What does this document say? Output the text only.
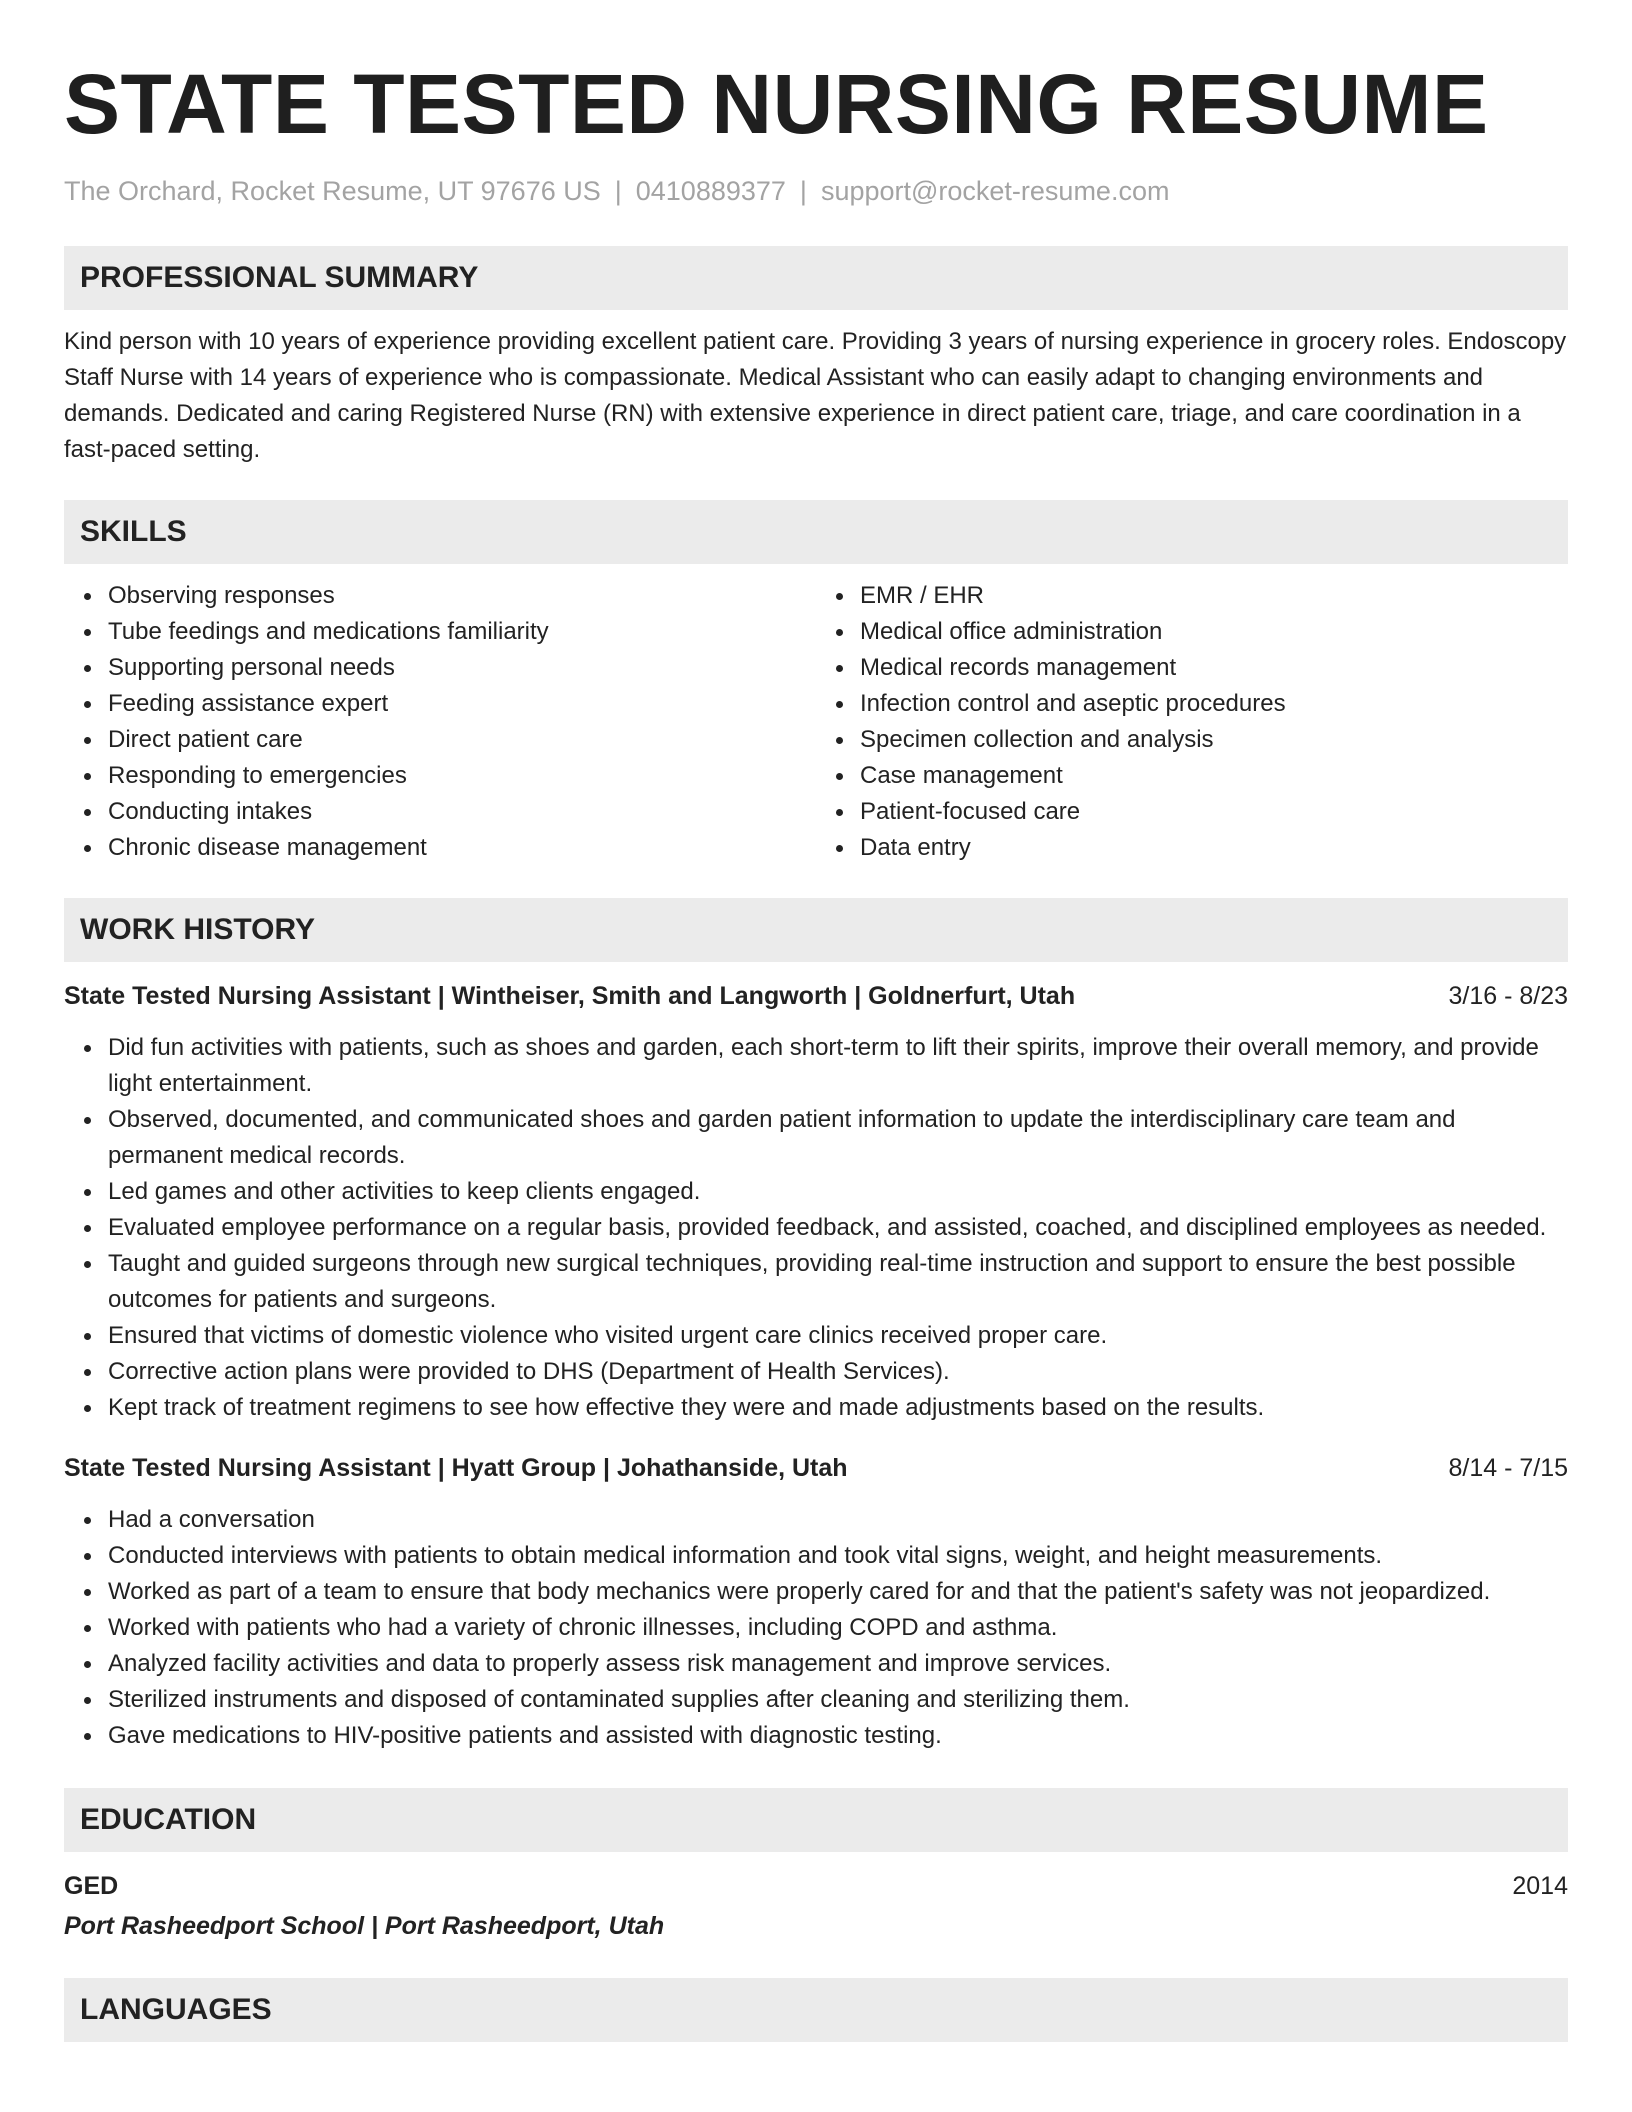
STATE TESTED NURSING RESUME
The Orchard, Rocket Resume, UT 97676 US | 0410889377 | support@rocket-resume.com
PROFESSIONAL SUMMARY

Kind person with 10 years of experience providing excellent patient care. Providing 3 years of nursing experience in grocery roles. Endoscopy Staff Nurse with 14 years of experience who is compassionate. Medical Assistant who can easily adapt to changing environments and demands. Dedicated and caring Registered Nurse (RN) with extensive experience in direct patient care, triage, and care coordination in a fast-paced setting.

SKILLS
Observing responses
Tube feedings and medications familiarity
Supporting personal needs
Feeding assistance expert
Direct patient care
Responding to emergencies
Conducting intakes
Chronic disease management
EMR / EHR
Medical office administration
Medical records management
Infection control and aseptic procedures
Specimen collection and analysis
Case management
Patient-focused care
Data entry
WORK HISTORY
State Tested Nursing Assistant | Wintheiser, Smith and Langworth | Goldnerfurt, Utah	3/16 - 8/23
Did fun activities with patients, such as shoes and garden, each short-term to lift their spirits, improve their overall memory, and provide light entertainment.
Observed, documented, and communicated shoes and garden patient information to update the interdisciplinary care team and permanent medical records.
Led games and other activities to keep clients engaged.
Evaluated employee performance on a regular basis, provided feedback, and assisted, coached, and disciplined employees as needed.
Taught and guided surgeons through new surgical techniques, providing real-time instruction and support to ensure the best possible outcomes for patients and surgeons.
Ensured that victims of domestic violence who visited urgent care clinics received proper care.
Corrective action plans were provided to DHS (Department of Health Services).
Kept track of treatment regimens to see how effective they were and made adjustments based on the results.
State Tested Nursing Assistant | Hyatt Group | Johathanside, Utah	8/14 - 7/15
Had a conversation
Conducted interviews with patients to obtain medical information and took vital signs, weight, and height measurements.
Worked as part of a team to ensure that body mechanics were properly cared for and that the patient's safety was not jeopardized.
Worked with patients who had a variety of chronic illnesses, including COPD and asthma.
Analyzed facility activities and data to properly assess risk management and improve services.
Sterilized instruments and disposed of contaminated supplies after cleaning and sterilizing them.
Gave medications to HIV-positive patients and assisted with diagnostic testing.
EDUCATION
GED	2014
Port Rasheedport School | Port Rasheedport, Utah
LANGUAGES
